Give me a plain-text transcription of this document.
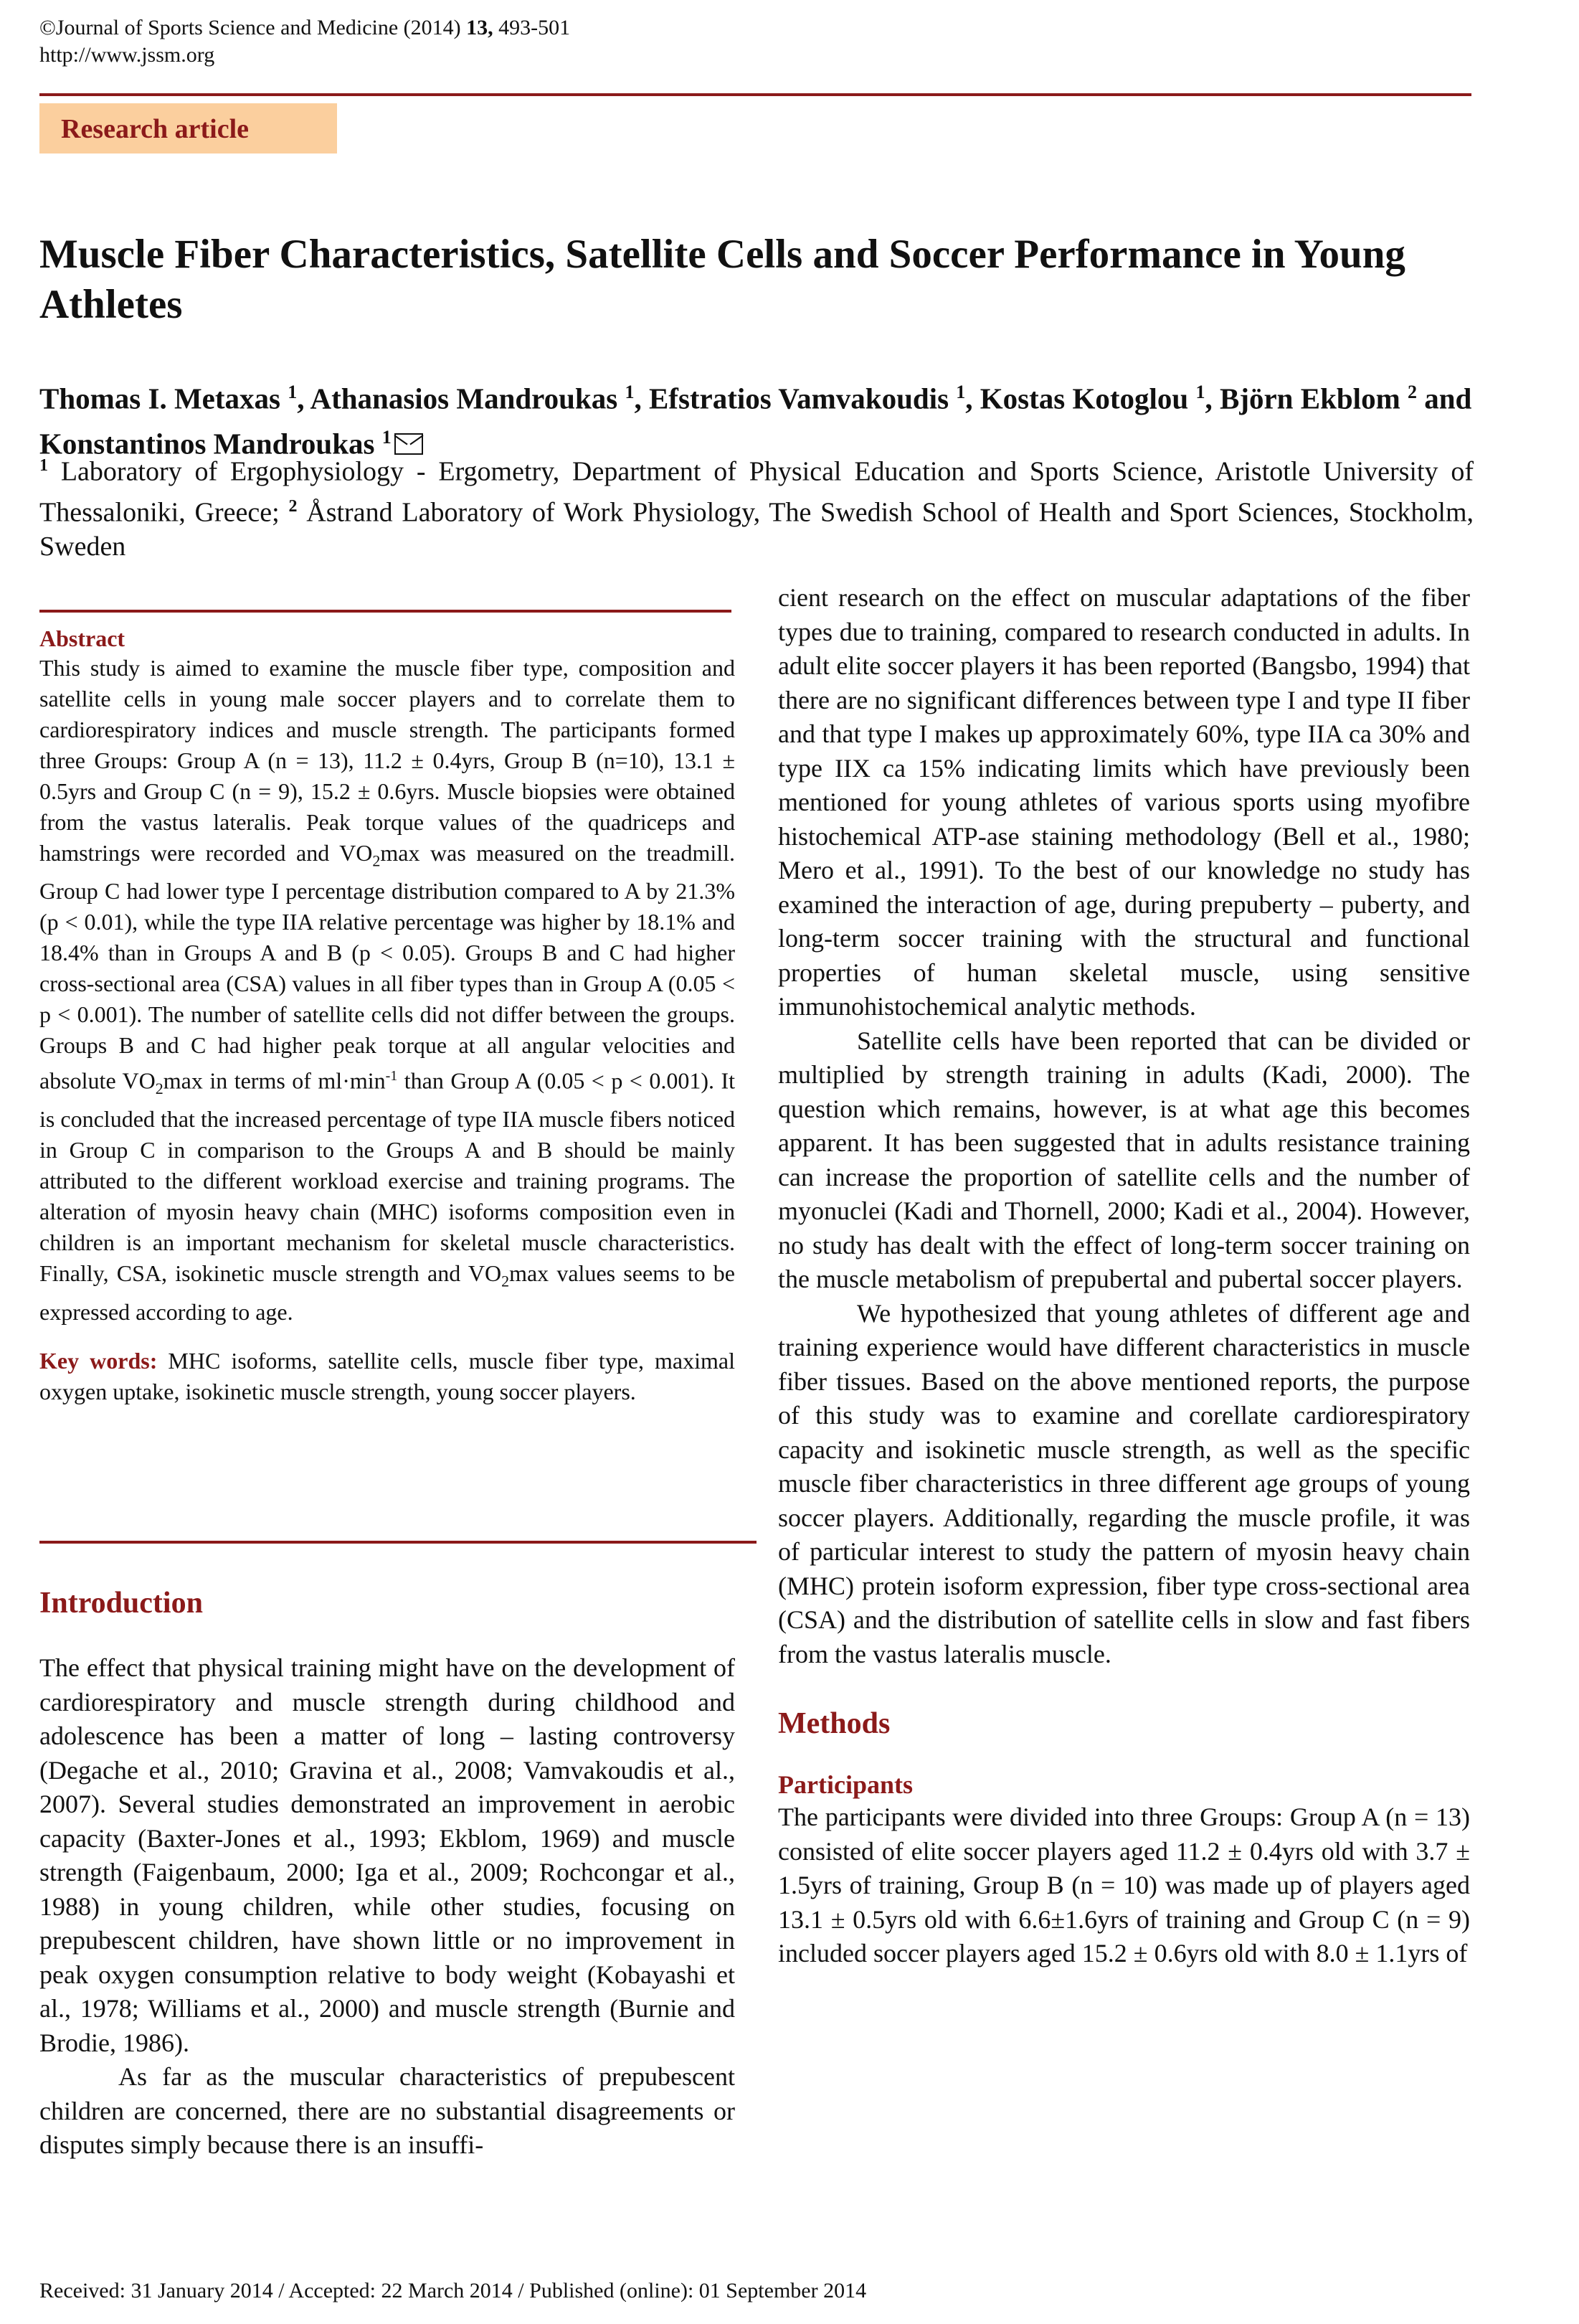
©Journal of Sports Science and Medicine (2014) 13, 493-501
http://www.jssm.org
Research article
Muscle Fiber Characteristics, Satellite Cells and Soccer Performance in Young Athletes
Thomas I. Metaxas $^1$, Athanasios Mandroukas $^1$, Efstratios Vamvakoudis $^1$, Kostas Kotoglou $^1$, Björn Ekblom $^2$ and Konstantinos Mandroukas $^1$
$^1$ Laboratory of Ergophysiology - Ergometry, Department of Physical Education and Sports Science, Aristotle University of Thessaloniki, Greece; $^2$ Åstrand Laboratory of Work Physiology, The Swedish School of Health and Sport Sciences, Stockholm, Sweden
Abstract
This study is aimed to examine the muscle fiber type, composition and satellite cells in young male soccer players and to correlate them to cardiorespiratory indices and muscle strength. The participants formed three Groups: Group A (n = 13), 11.2 ± 0.4yrs, Group B (n=10), 13.1 ± 0.5yrs and Group C (n = 9), 15.2 ± 0.6yrs. Muscle biopsies were obtained from the vastus lateralis. Peak torque values of the quadriceps and hamstrings were recorded and $VO_2\max$ was measured on the treadmill. Group C had lower type I percentage distribution compared to A by 21.3% (p < 0.01), while the type IIA relative percentage was higher by 18.1% and 18.4% than in Groups A and B (p < 0.05). Groups B and C had higher cross-sectional area (CSA) values in all fiber types than in Group A (0.05 < p < 0.001). The number of satellite cells did not differ between the groups. Groups B and C had higher peak torque at all angular velocities and absolute $VO_2\max$ in terms of $ml\cdot\min^{-1}$ than Group A (0.05 < p < 0.001). It is concluded that the increased percentage of type IIA muscle fibers noticed in Group C in comparison to the Groups A and B should be mainly attributed to the different workload exercise and training programs. The alteration of myosin heavy chain (MHC) isoforms composition even in children is an important mechanism for skeletal muscle characteristics. Finally, CSA, isokinetic muscle strength and $VO_2\max$ values seems to be expressed according to age.
Key words: MHC isoforms, satellite cells, muscle fiber type, maximal oxygen uptake, isokinetic muscle strength, young soccer players.
Introduction

The effect that physical training might have on the development of cardiorespiratory and muscle strength during childhood and adolescence has been a matter of long – lasting controversy (Degache et al., 2010; Gravina et al., 2008; Vamvakoudis et al., 2007). Several studies demonstrated an improvement in aerobic capacity (Baxter-Jones et al., 1993; Ekblom, 1969) and muscle strength (Faigenbaum, 2000; Iga et al., 2009; Rochcongar et al., 1988) in young children, while other studies, focusing on prepubescent children, have shown little or no improvement in peak oxygen consumption relative to body weight (Kobayashi et al., 1978; Williams et al., 2000) and muscle strength (Burnie and Brodie, 1986).

As far as the muscular characteristics of prepubescent children are concerned, there are no substantial disagreements or disputes simply because there is an insuffi-

cient research on the effect on muscular adaptations of the fiber types due to training, compared to research conducted in adults. In adult elite soccer players it has been reported (Bangsbo, 1994) that there are no significant differences between type I and type II fiber and that type I makes up approximately 60%, type IIA ca 30% and type IIX ca 15% indicating limits which have previously been mentioned for young athletes of various sports using myofibre histochemical ATP-ase staining methodology (Bell et al., 1980; Mero et al., 1991). To the best of our knowledge no study has examined the interaction of age, during prepuberty – puberty, and long-term soccer training with the structural and functional properties of human skeletal muscle, using sensitive immunohistochemical analytic methods.

Satellite cells have been reported that can be divided or multiplied by strength training in adults (Kadi, 2000). The question which remains, however, is at what age this becomes apparent. It has been suggested that in adults resistance training can increase the proportion of satellite cells and the number of myonuclei (Kadi and Thornell, 2000; Kadi et al., 2004). However, no study has dealt with the effect of long-term soccer training on the muscle metabolism of prepubertal and pubertal soccer players.

We hypothesized that young athletes of different age and training experience would have different characteristics in muscle fiber tissues. Based on the above mentioned reports, the purpose of this study was to examine and corellate cardiorespiratory capacity and isokinetic muscle strength, as well as the specific muscle fiber characteristics in three different age groups of young soccer players. Additionally, regarding the muscle profile, it was of particular interest to study the pattern of myosin heavy chain (MHC) protein isoform expression, fiber type cross-sectional area (CSA) and the distribution of satellite cells in slow and fast fibers from the vastus lateralis muscle.

Methods
Participants

The participants were divided into three Groups: Group A (n = 13) consisted of elite soccer players aged 11.2 ± 0.4yrs old with 3.7 ± 1.5yrs of training, Group B (n = 10) was made up of players aged 13.1 ± 0.5yrs old with 6.6±1.6yrs of training and Group C (n = 9) included soccer players aged 15.2 ± 0.6yrs old with 8.0 ± 1.1yrs of

Received: 31 January 2014 / Accepted: 22 March 2014 / Published (online): 01 September 2014
